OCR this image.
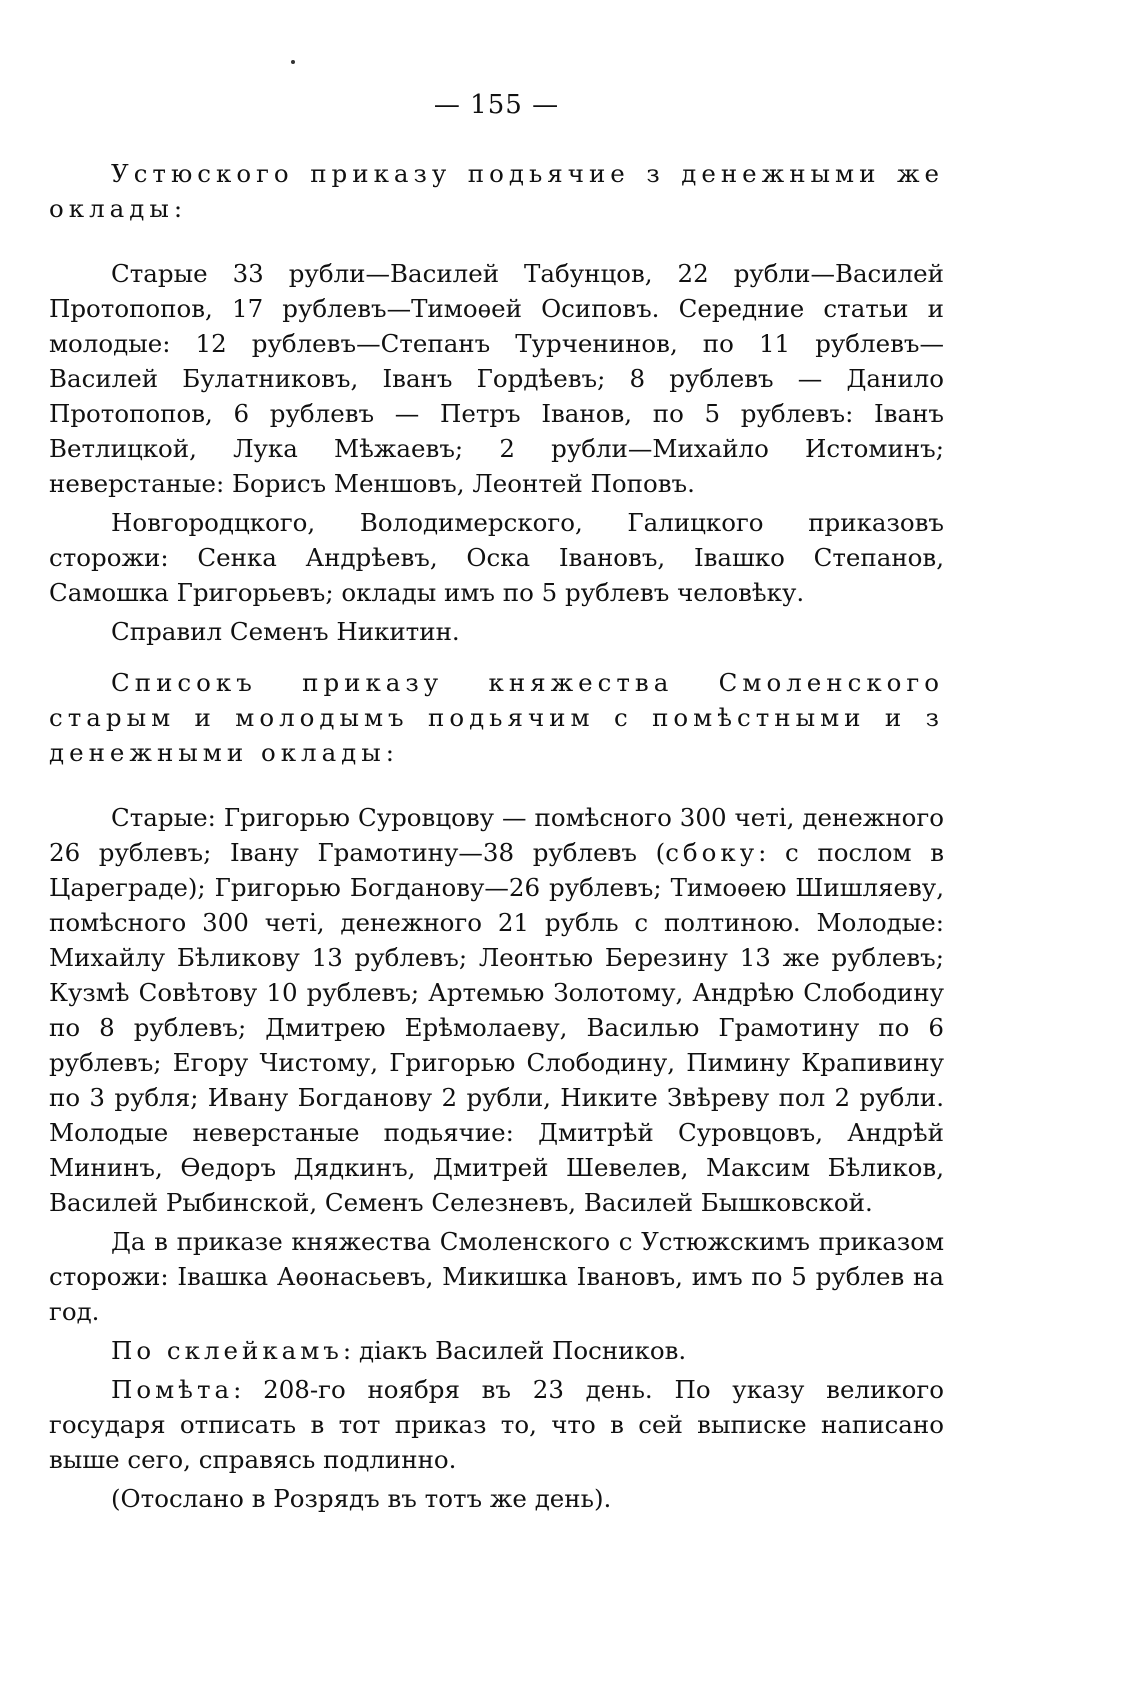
— 155 —
Устюского приказу подьячие з денежными же оклады:

Старые 33 рубли—Василей Табунцов, 22 рубли—Василей Протопопов, 17 рублевъ—Тимоѳей Осиповъ. Середние статьи и молодые: 12 рублевъ—Степанъ Турченинов, по 11 рублевъ—Василей Булатниковъ, Іванъ Гордѣевъ; 8 рублевъ — Данило Протопопов, 6 рублевъ — Петръ Іванов, по 5 рублевъ: Іванъ Ветлицкой, Лука Мѣжаевъ; 2 рубли—Михайло Истоминъ; неверстаные: Борисъ Меншовъ, Леонтей Поповъ.

Новгородцкого, Володимерского, Галицкого приказовъ сторожи: Сенка Андрѣевъ, Оска Івановъ, Івашко Степанов, Самошка Григорьевъ; оклады имъ по 5 рублевъ человѣку.

Справил Семенъ Никитин.

Списокъ приказу княжества Смоленского старым и молодымъ подьячим с помѣстными и з денежными оклады:

Старые: Григорью Суровцову — помѣсного 300 четі, денежного 26 рублевъ; Івану Грамотину—38 рублевъ (сбоку: с послом в Цареграде); Григорью Богданову—26 рублевъ; Тимоѳею Шишляеву, помѣсного 300 четі, денежного 21 рубль с полтиною. Молодые: Михайлу Бѣликову 13 рублевъ; Леонтью Березину 13 же рублевъ; Кузмѣ Совѣтову 10 рублевъ; Артемью Золотому, Андрѣю Слободину по 8 рублевъ; Дмитрею Ерѣмолаеву, Василью Грамотину по 6 рублевъ; Егору Чистому, Григорью Слободину, Пимину Крапивину по 3 рубля; Ивану Богданову 2 рубли, Никите Звѣреву пол 2 рубли. Молодые неверстаные подьячие: Дмитрѣй Суровцовъ, Андрѣй Мининъ, Ѳедоръ Дядкинъ, Дмитрей Шевелев, Максим Бѣликов, Василей Рыбинской, Семенъ Селезневъ, Василей Бышковской.

Да в приказе княжества Смоленского с Устюжскимъ приказом сторожи: Івашка Аѳонасьевъ, Микишка Івановъ, имъ по 5 рублев на год.

По склейкамъ: діакъ Василей Посников.

Помѣта: 208-го ноября въ 23 день. По указу великого государя отписать в тот приказ то, что в сей выписке написано выше сего, справясь подлинно.

(Отослано в Розрядъ въ тотъ же день).
